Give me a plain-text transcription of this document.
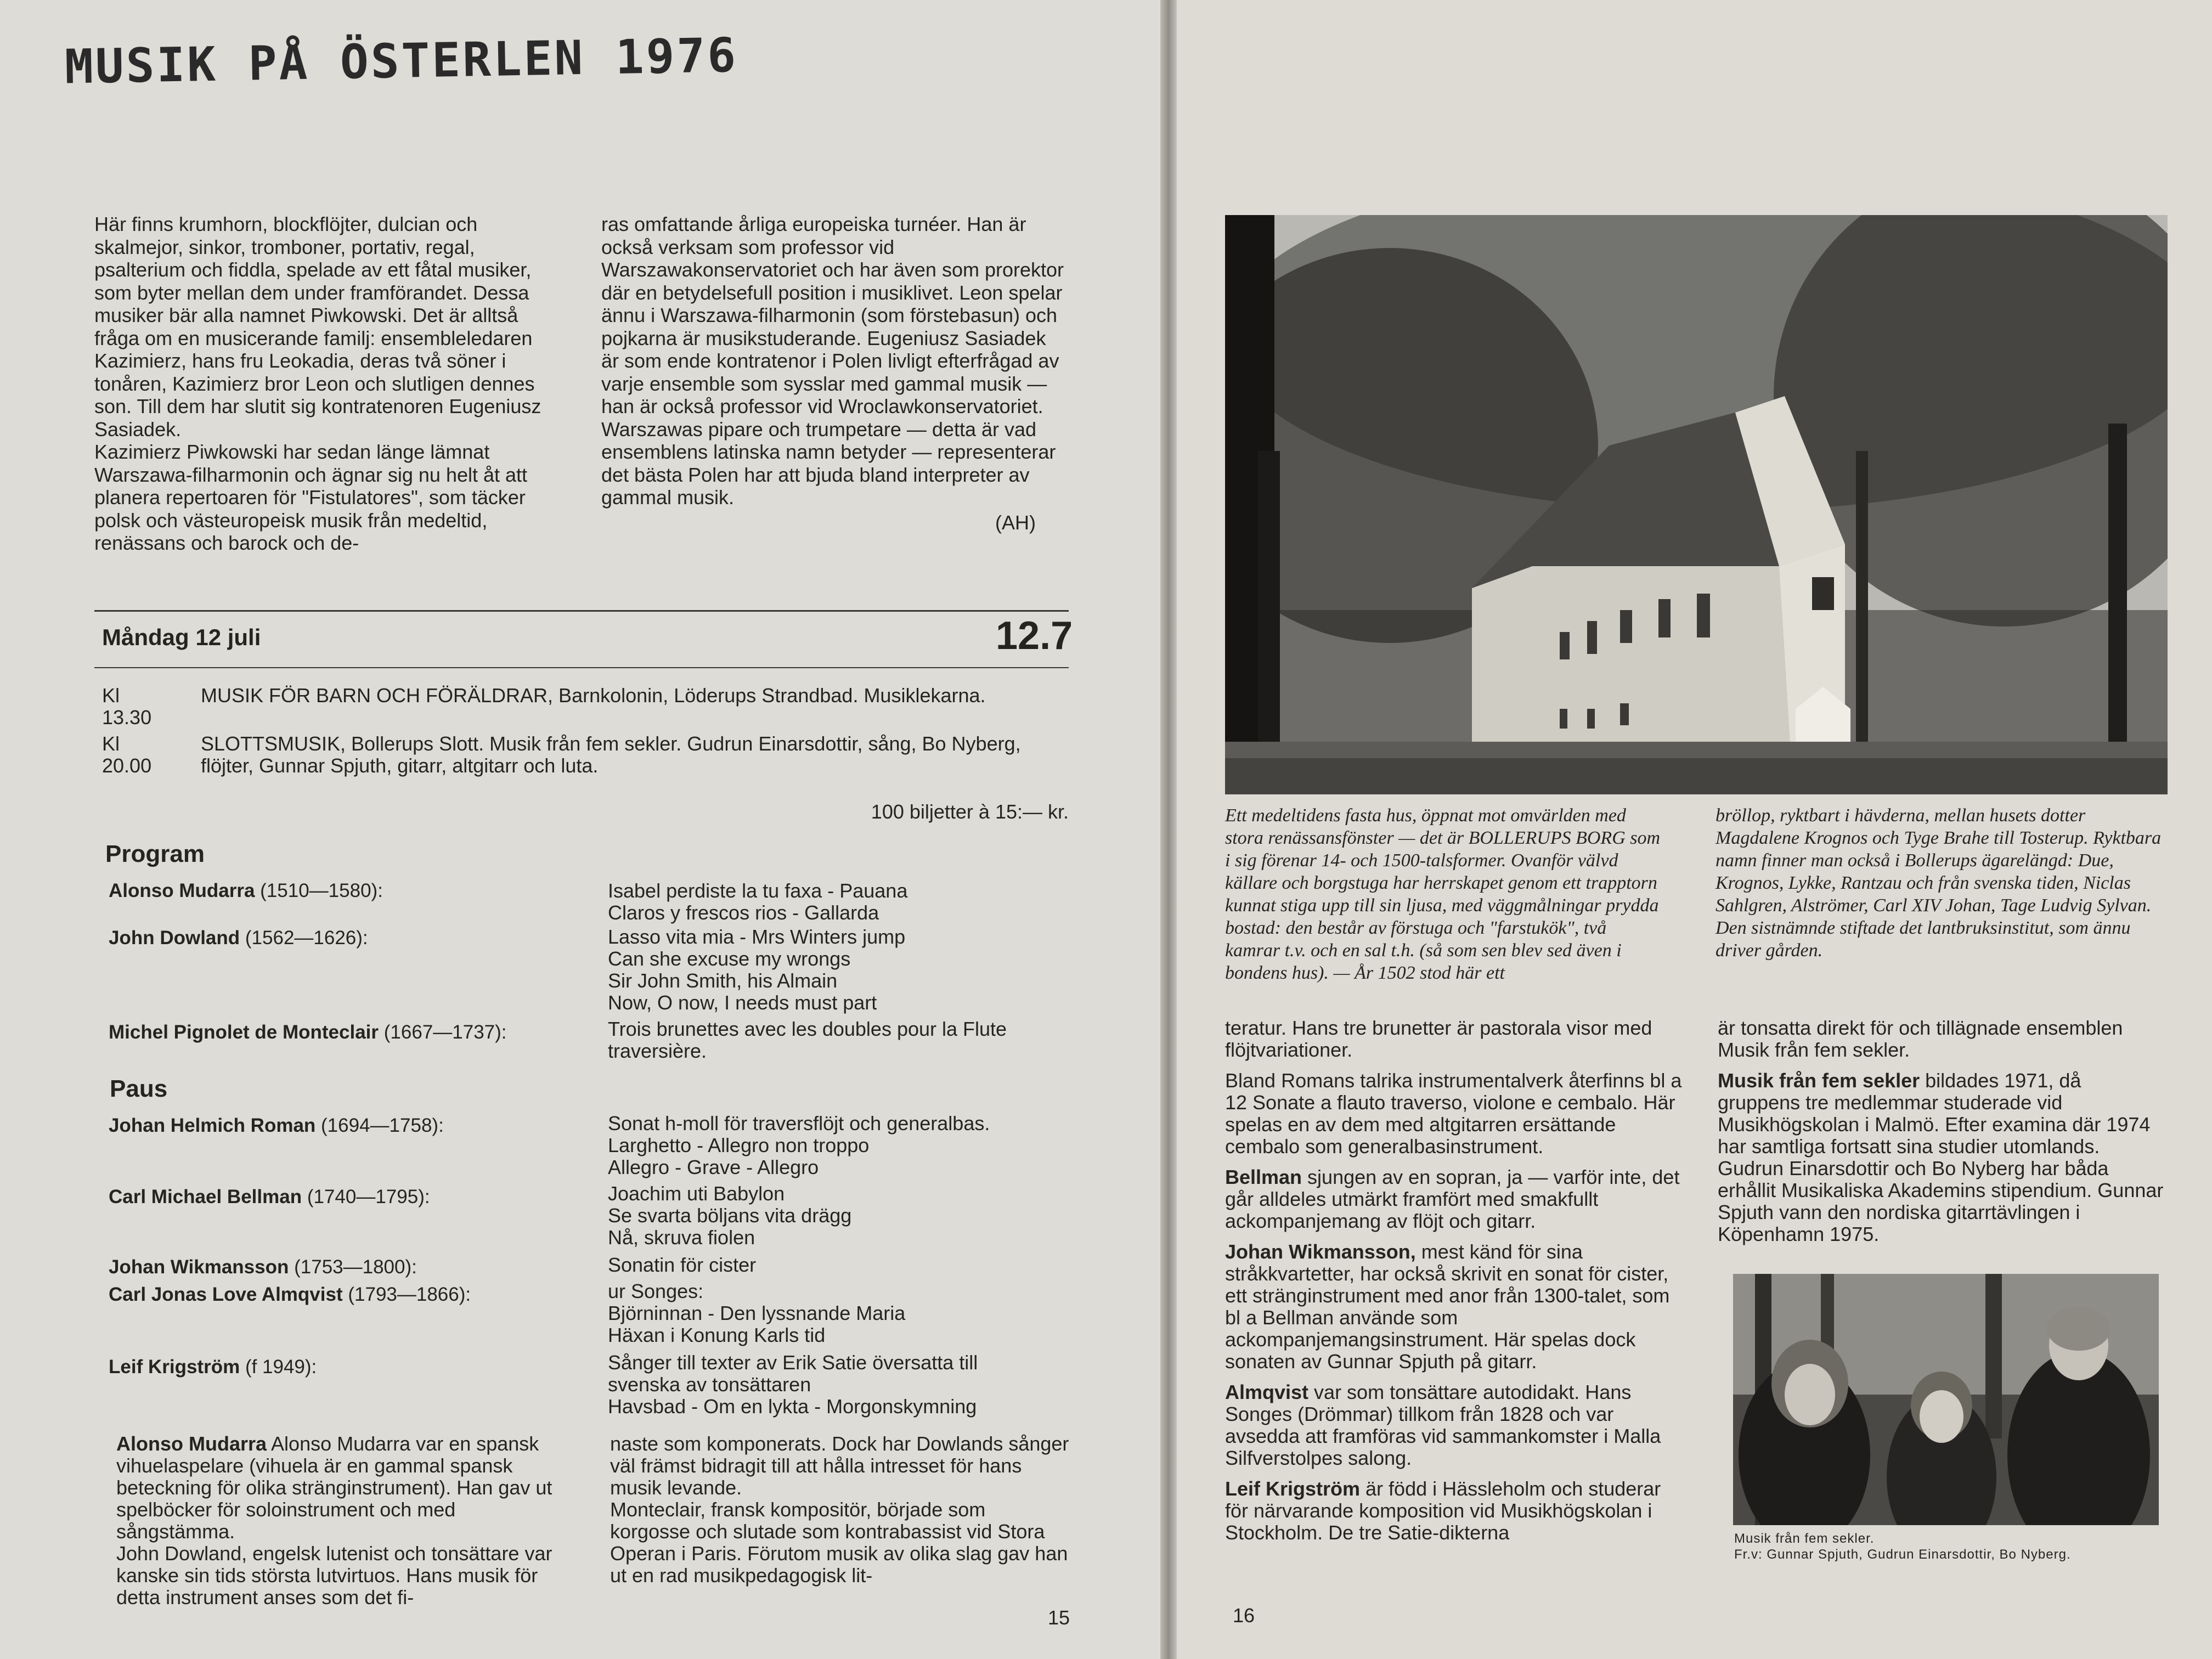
MUSIK PÅ ÖSTERLEN 1976

Här finns krumhorn, blockflöjter, dulcian och skalmejor, sinkor, tromboner, portativ, regal, psalterium och fiddla, spelade av ett fåtal musiker, som byter mellan dem under framförandet. Dessa musiker bär alla namnet Piwkowski. Det är alltså fråga om en musicerande familj: ensembleledaren Kazimierz, hans fru Leokadia, deras två söner i tonåren, Kazimierz bror Leon och slutligen dennes son. Till dem har slutit sig kontratenoren Eugeniusz Sasiadek.

Kazimierz Piwkowski har sedan länge lämnat Warszawa-filharmonin och ägnar sig nu helt åt att planera repertoaren för "Fistulatores", som täcker polsk och västeuropeisk musik från medeltid, renässans och barock och de-

ras omfattande årliga europeiska turnéer. Han är också verksam som professor vid Warszawakonservatoriet och har även som prorektor där en betydelsefull position i musiklivet. Leon spelar ännu i Warszawa-filharmonin (som förstebasun) och pojkarna är musikstuderande. Eugeniusz Sasiadek är som ende kontratenor i Polen livligt efterfrågad av varje ensemble som sysslar med gammal musik — han är också professor vid Wroclawkonservatoriet.

Warszawas pipare och trumpetare — detta är vad ensemblens latinska namn betyder — representerar det bästa Polen har att bjuda bland interpreter av gammal musik.

(AH)

Måndag 12 juli	12.7
Kl 13.30
MUSIK FÖR BARN OCH FÖRÄLDRAR, Barnkolonin, Löderups Strandbad. Musiklekarna.
Kl 20.00
SLOTTSMUSIK, Bollerups Slott. Musik från fem sekler. Gudrun Einarsdottir, sång, Bo Nyberg, flöjter, Gunnar Spjuth, gitarr, altgitarr och luta.
100 biljetter à 15:— kr.
Program
Alonso Mudarra (1510—1580):	Isabel perdiste la tu faxa - Pauana
Claros y frescos rios - Gallarda
John Dowland (1562—1626):	Lasso vita mia - Mrs Winters jump
Can she excuse my wrongs
Sir John Smith, his Almain
Now, O now, I needs must part
Michel Pignolet de Monteclair (1667—1737):	Trois brunettes avec les doubles pour la Flute
traversière.
Paus
Johan Helmich Roman (1694—1758):	Sonat h-moll för traversflöjt och generalbas.
Larghetto - Allegro non troppo
Allegro - Grave - Allegro
Carl Michael Bellman (1740—1795):	Joachim uti Babylon
Se svarta böljans vita drägg
Nå, skruva fiolen
Johan Wikmansson (1753—1800):	Sonatin för cister
Carl Jonas Love Almqvist (1793—1866):	ur Songes:
Björninnan - Den lyssnande Maria
Häxan i Konung Karls tid
Leif Krigström (f 1949):	Sånger till texter av Erik Satie översatta till
svenska av tonsättaren
Havsbad - Om en lykta - Morgonskymning

Alonso Mudarra Alonso Mudarra var en spansk vihuelaspelare (vihuela är en gammal spansk beteckning för olika stränginstrument). Han gav ut spelböcker för soloinstrument och med sångstämma.

John Dowland, engelsk lutenist och tonsättare var kanske sin tids största lutvirtuos. Hans musik för detta instrument anses som det fi-

naste som komponerats. Dock har Dowlands sånger väl främst bidragit till att hålla intresset för hans musik levande.

Monteclair, fransk kompositör, började som korgosse och slutade som kontrabassist vid Stora Operan i Paris. Förutom musik av olika slag gav han ut en rad musikpedagogisk lit-

15
Ett medeltidens fasta hus, öppnat mot omvärlden med stora renässansfönster — det är BOLLERUPS BORG som i sig förenar 14- och 1500-talsformer. Ovanför välvd källare och borgstuga har herrskapet genom ett trapptorn kunnat stiga upp till sin ljusa, med väggmålningar prydda bostad: den består av förstuga och "farstukök", två kamrar t.v. och en sal t.h. (så som sen blev sed även i bondens hus). — År 1502 stod här ett
bröllop, ryktbart i hävderna, mellan husets dotter Magdalene Krognos och Tyge Brahe till Tosterup. Ryktbara namn finner man också i Bollerups ägarelängd: Due, Krognos, Lykke, Rantzau och från svenska tiden, Niclas Sahlgren, Alströmer, Carl XIV Johan, Tage Ludvig Sylvan. Den sistnämnde stiftade det lantbruksinstitut, som ännu driver gården.

teratur. Hans tre brunetter är pastorala visor med flöjtvariationer.

Bland Romans talrika instrumentalverk återfinns bl a 12 Sonate a flauto traverso, violone e cembalo. Här spelas en av dem med altgitarren ersättande cembalo som generalbasinstrument.

Bellman sjungen av en sopran, ja — varför inte, det går alldeles utmärkt framfört med smakfullt ackompanjemang av flöjt och gitarr.

Johan Wikmansson, mest känd för sina stråkkvartetter, har också skrivit en sonat för cister, ett stränginstrument med anor från 1300-talet, som bl a Bellman använde som ackompanjemangsinstrument. Här spelas dock sonaten av Gunnar Spjuth på gitarr.

Almqvist var som tonsättare autodidakt. Hans Songes (Drömmar) tillkom från 1828 och var avsedda att framföras vid sammankomster i Malla Silfverstolpes salong.

Leif Krigström är född i Hässleholm och studerar för närvarande komposition vid Musikhögskolan i Stockholm. De tre Satie-dikterna

är tonsatta direkt för och tillägnade ensemblen Musik från fem sekler.

Musik från fem sekler bildades 1971, då gruppens tre medlemmar studerade vid Musikhögskolan i Malmö. Efter examina där 1974 har samtliga fortsatt sina studier utomlands. Gudrun Einarsdottir och Bo Nyberg har båda erhållit Musikaliska Akademins stipendium. Gunnar Spjuth vann den nordiska gitarrtävlingen i Köpenhamn 1975.

Musik från fem sekler.
Fr.v: Gunnar Spjuth, Gudrun Einarsdottir, Bo Nyberg.
16
